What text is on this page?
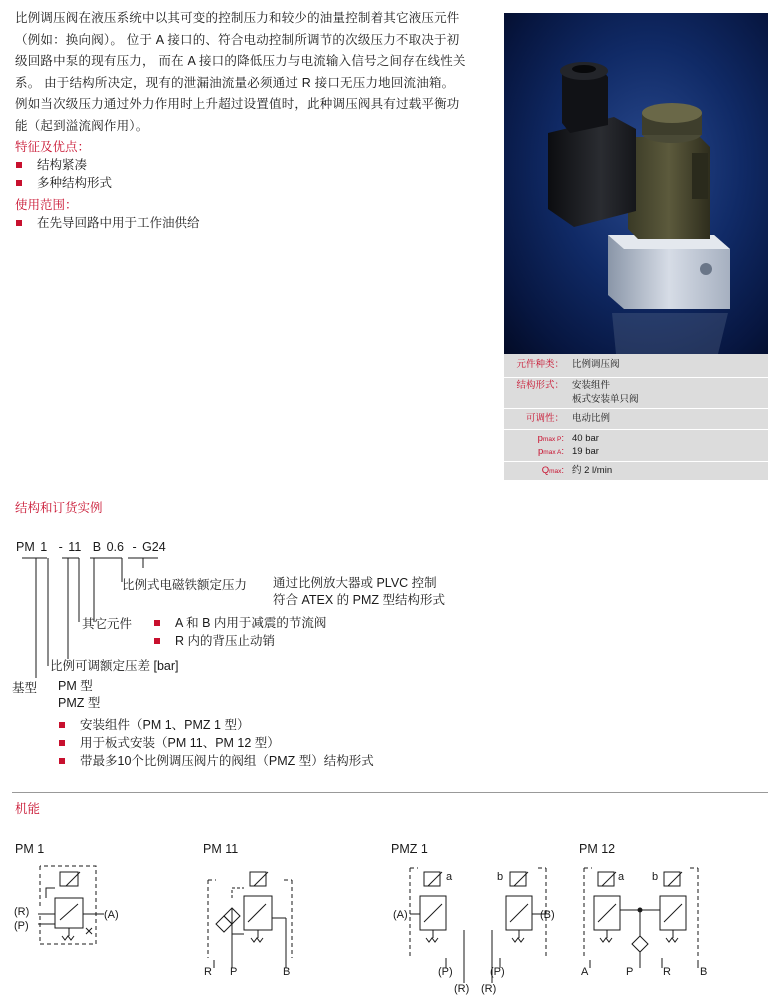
比例调压阀在液压系统中以其可变的控制压力和较少的油量控制着其它液压元件

（例如：换向阀）。 位于 A 接口的、符合电动控制所调节的次级压力不取决于初

级回路中泵的现有压力， 而在 A 接口的降低压力与电流输入信号之间存在线性关

系。 由于结构所决定，现有的泄漏油流量必须通过 R 接口无压力地回流油箱。

例如当次级压力通过外力作用时上升超过设置值时，此种调压阀具有过载平衡功

能（起到溢流阀作用）。

特征及优点：
结构紧凑
多种结构形式
使用范围：
在先导回路中用于工作油供给
元件种类： 比例调压阀
结构形式： 安装组件
板式安装单只阀
可调性： 电动比例
pmax P: 40 bar
pmax A: 19 bar
Qmax: 约 2 l/min
结构和订货实例
PM 1 - 11 B 0.6 - G24
比例式电磁铁额定压力 通过比例放大器或 PLVC 控制
符合 ATEX 的 PMZ 型结构形式
其它元件	A 和 B 内用于减震的节流阀
R 内的背压止动销
比例可调额定压差 [bar]
基型 PM 型
PMZ 型
安装组件（PM 1、PMZ 1 型）
用于板式安装（PM 11、PM 12 型）
带最多10个比例调压阀片的阀组（PMZ 型）结构形式
机能
PM 1	PM 11	PMZ 1	PM 12
(R)
(P)
(A)
R P	B
(A)	(B)
a	b
(P)	(P)
(R) (R)
A	P	R	B
a	b
